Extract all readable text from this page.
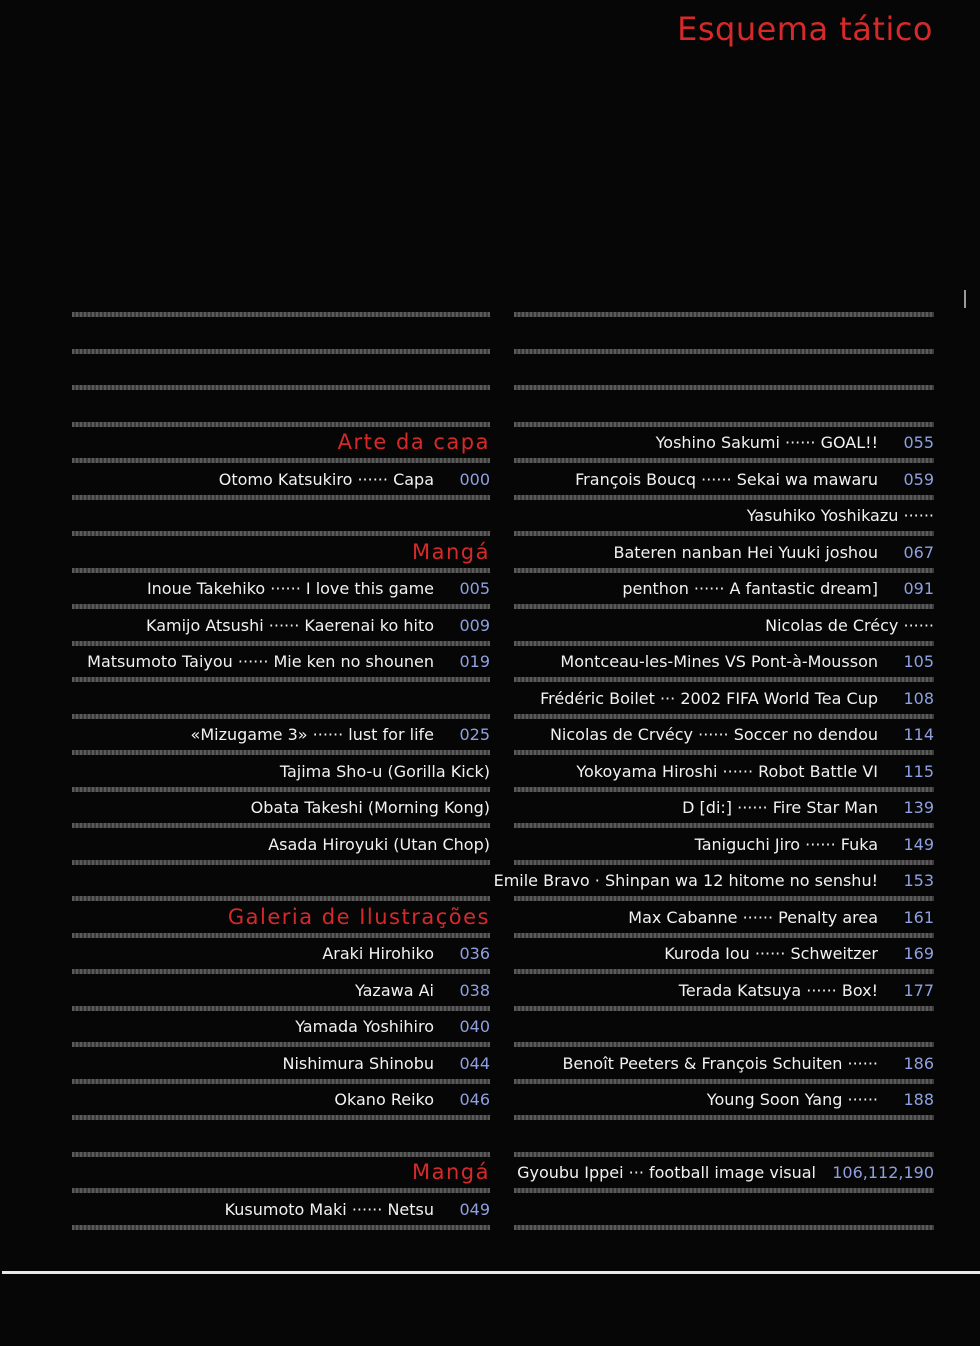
Esquema tático
Arte da capa
Otomo Katsukiro ······ Capa	000
Mangá
Inoue Takehiko ······ I love this game	005
Kamijo Atsushi ······ Kaerenai ko hito	009
Matsumoto Taiyou ······ Mie ken no shounen	019
«Mizugame 3» ······ lust for life	025
Tajima Sho-u (Gorilla Kick)
Obata Takeshi (Morning Kong)
Asada Hiroyuki (Utan Chop)
Galeria de Ilustrações
Araki Hirohiko	036
Yazawa Ai	038
Yamada Yoshihiro	040
Nishimura Shinobu	044
Okano Reiko	046
Mangá
Kusumoto Maki ······ Netsu	049
Yoshino Sakumi ······ GOAL!!	055
François Boucq ······ Sekai wa mawaru	059
Yasuhiko Yoshikazu ······
Bateren nanban Hei Yuuki joshou	067
penthon ······ A fantastic dream]	091
Nicolas de Crécy ······
Montceau-les-Mines VS Pont-à-Mousson	105
Frédéric Boilet ··· 2002 FIFA World Tea Cup	108
Nicolas de Crvécy ······ Soccer no dendou	114
Yokoyama Hiroshi ······ Robot Battle VI	115
D [di:] ······ Fire Star Man	139
Taniguchi Jiro ······ Fuka	149
Emile Bravo · Shinpan wa 12 hitome no senshu!	153
Max Cabanne ······ Penalty area	161
Kuroda Iou ······ Schweitzer	169
Terada Katsuya ······ Box!	177
Benoît Peeters & François Schuiten ······	186
Young Soon Yang ······	188
Gyoubu Ippei ··· football image visual	106,112,190
